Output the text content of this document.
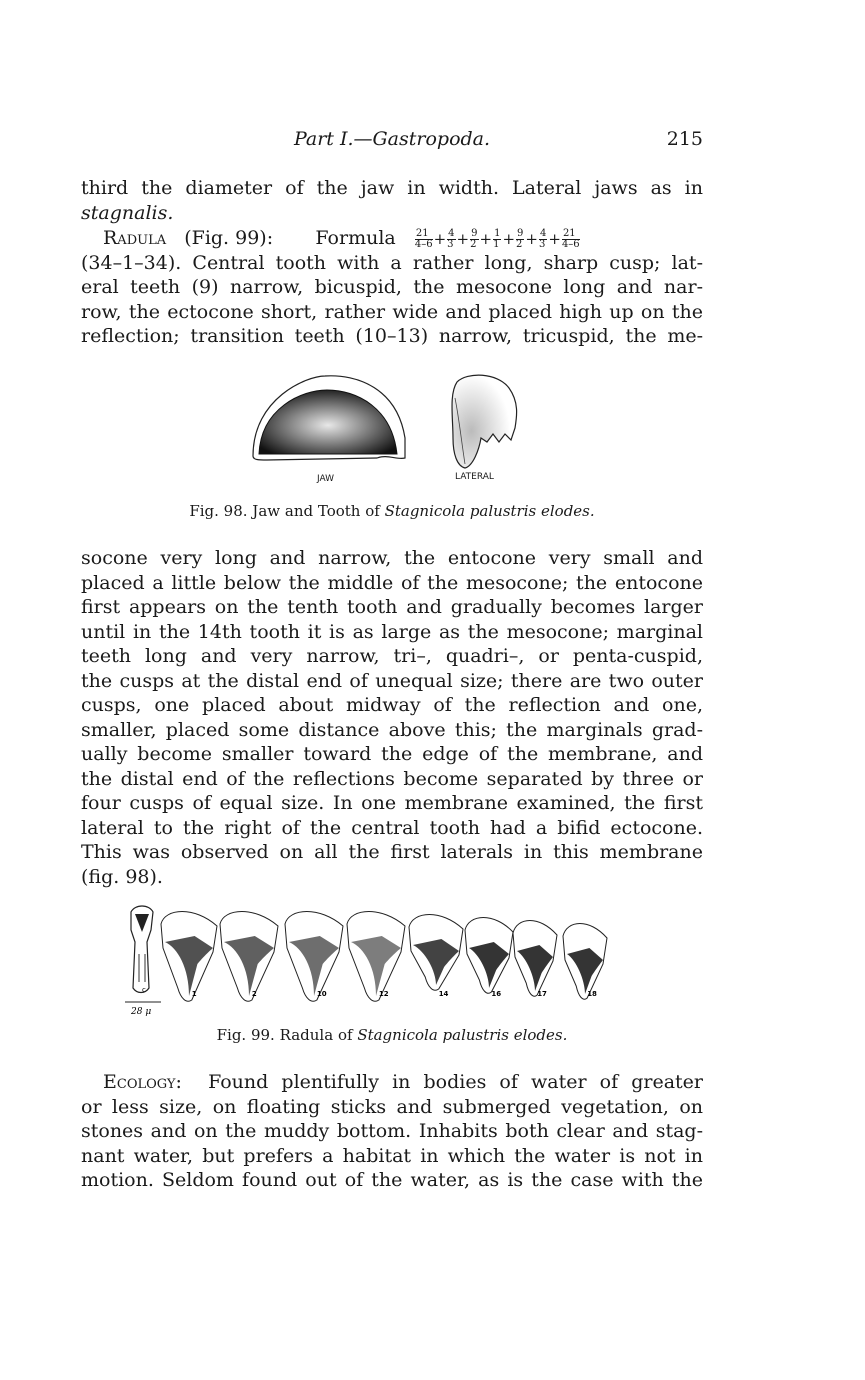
Part I.—Gastropoda.	215
third the diameter of the jaw in width. Lateral jaws as in
stagnalis.
Radula (Fig. 99): Formula $\frac{21}{4-6} + \frac{4}{3} + \frac{9}{2} + \frac{1}{1} + \frac{9}{2} + \frac{4}{3} + \frac{21}{4-6}$
(34–1–34). Central tooth with a rather long, sharp cusp; lat-
eral teeth (9) narrow, bicuspid, the mesocone long and nar-
row, the ectocone short, rather wide and placed high up on the
reflection; transition teeth (10–13) narrow, tricuspid, the me-
JAW	LATERAL
Fig. 98. Jaw and Tooth of Stagnicola palustris elodes.
socone very long and narrow, the entocone very small and
placed a little below the middle of the mesocone; the entocone
first appears on the tenth tooth and gradually becomes larger
until in the 14th tooth it is as large as the mesocone; marginal
teeth long and very narrow, tri–, quadri–, or penta-cuspid,
the cusps at the distal end of unequal size; there are two outer
cusps, one placed about midway of the reflection and one,
smaller, placed some distance above this; the marginals grad-
ually become smaller toward the edge of the membrane, and
the distal end of the reflections become separated by three or
four cusps of equal size. In one membrane examined, the first
lateral to the right of the central tooth had a bifid ectocone.
This was observed on all the first laterals in this membrane
(fig. 98).
1	2	10	12	14	16	17	18
c
28 μ
Fig. 99. Radula of Stagnicola palustris elodes.
Ecology: Found plentifully in bodies of water of greater
or less size, on floating sticks and submerged vegetation, on
stones and on the muddy bottom. Inhabits both clear and stag-
nant water, but prefers a habitat in which the water is not in
motion. Seldom found out of the water, as is the case with the
